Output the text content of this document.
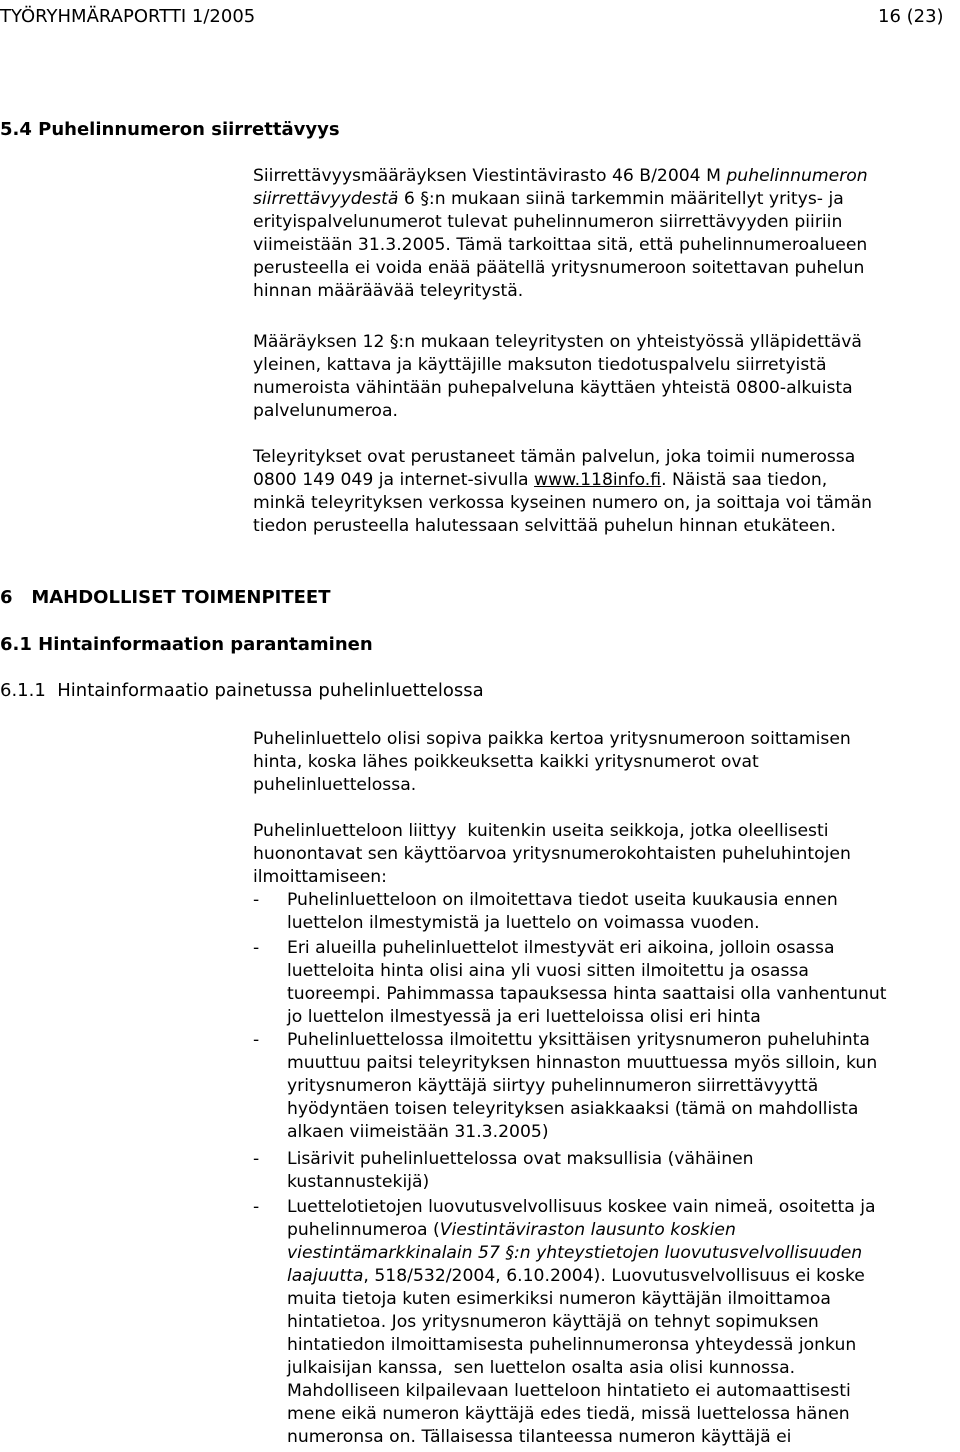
TYÖRYHMÄRAPORTTI 1/2005	16 (23)
5.4 Puhelinnumeron siirrettävyys
Siirrettävyysmääräyksen Viestintävirasto 46 B/2004 M puhelinnumeron
siirrettävyydestä 6 §:n mukaan siinä tarkemmin määritellyt yritys- ja
erityispalvelunumerot tulevat puhelinnumeron siirrettävyyden piiriin
viimeistään 31.3.2005. Tämä tarkoittaa sitä, että puhelinnumeroalueen
perusteella ei voida enää päätellä yritysnumeroon soitettavan puhelun
hinnan määräävää teleyritystä.
Määräyksen 12 §:n mukaan teleyritysten on yhteistyössä ylläpidettävä
yleinen, kattava ja käyttäjille maksuton tiedotuspalvelu siirretyistä
numeroista vähintään puhepalveluna käyttäen yhteistä 0800-alkuista
palvelunumeroa.
Teleyritykset ovat perustaneet tämän palvelun, joka toimii numerossa
0800 149 049 ja internet-sivulla www.118info.fi. Näistä saa tiedon,
minkä teleyrityksen verkossa kyseinen numero on, ja soittaja voi tämän
tiedon perusteella halutessaan selvittää puhelun hinnan etukäteen.
6   MAHDOLLISET TOIMENPITEET
6.1 Hintainformaation parantaminen
6.1.1  Hintainformaatio painetussa puhelinluettelossa
Puhelinluettelo olisi sopiva paikka kertoa yritysnumeroon soittamisen
hinta, koska lähes poikkeuksetta kaikki yritysnumerot ovat
puhelinluettelossa.
Puhelinluetteloon liittyy  kuitenkin useita seikkoja, jotka oleellisesti
huonontavat sen käyttöarvoa yritysnumerokohtaisten puheluhintojen
ilmoittamiseen:
- Puhelinluetteloon on ilmoitettava tiedot useita kuukausia ennen
luettelon ilmestymistä ja luettelo on voimassa vuoden.
- Eri alueilla puhelinluettelot ilmestyvät eri aikoina, jolloin osassa
luetteloita hinta olisi aina yli vuosi sitten ilmoitettu ja osassa
tuoreempi. Pahimmassa tapauksessa hinta saattaisi olla vanhentunut
jo luettelon ilmestyessä ja eri luetteloissa olisi eri hinta
- Puhelinluettelossa ilmoitettu yksittäisen yritysnumeron puheluhinta
muuttuu paitsi teleyrityksen hinnaston muuttuessa myös silloin, kun
yritysnumeron käyttäjä siirtyy puhelinnumeron siirrettävyyttä
hyödyntäen toisen teleyrityksen asiakkaaksi (tämä on mahdollista
alkaen viimeistään 31.3.2005)
- Lisärivit puhelinluettelossa ovat maksullisia (vähäinen
kustannustekijä)
- Luettelotietojen luovutusvelvollisuus koskee vain nimeä, osoitetta ja
puhelinnumeroa (Viestintäviraston lausunto koskien
viestintämarkkinalain 57 §:n yhteystietojen luovutusvelvollisuuden
laajuutta, 518/532/2004, 6.10.2004). Luovutusvelvollisuus ei koske
muita tietoja kuten esimerkiksi numeron käyttäjän ilmoittamoa
hintatietoa. Jos yritysnumeron käyttäjä on tehnyt sopimuksen
hintatiedon ilmoittamisesta puhelinnumeronsa yhteydessä jonkun
julkaisijan kanssa,  sen luettelon osalta asia olisi kunnossa.
Mahdolliseen kilpailevaan luetteloon hintatieto ei automaattisesti
mene eikä numeron käyttäjä edes tiedä, missä luettelossa hänen
numeronsa on. Tällaisessa tilanteessa numeron käyttäjä ei
